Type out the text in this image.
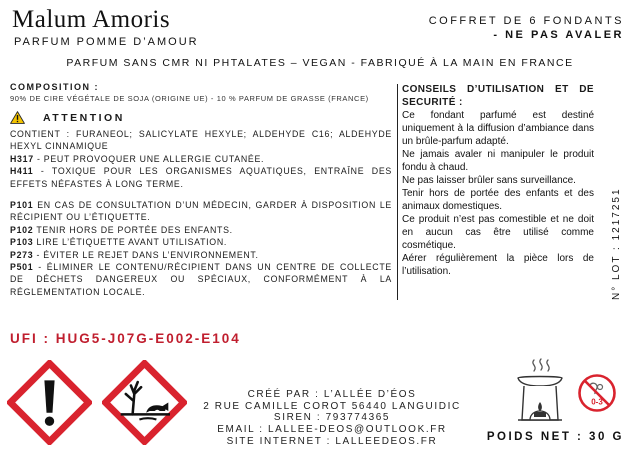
Malum Amoris
PARFUM POMME D’AMOUR
COFFRET DE 6 FONDANTS
- NE PAS AVALER
PARFUM SANS CMR NI PHTALATES – VEGAN - FABRIQUÉ À LA MAIN EN FRANCE
COMPOSITION :
90% DE CIRE VÉGÉTALE DE SOJA (ORIGINE UE) - 10 % PARFUM DE GRASSE (FRANCE)
ATTENTION
CONTIENT : FURANEOL; SALICYLATE HEXYLE; ALDEHYDE C16; ALDEHYDE HEXYL CINNAMIQUE
H317 - PEUT PROVOQUER UNE ALLERGIE CUTANÉE.
H411 - TOXIQUE POUR LES ORGANISMES AQUATIQUES, ENTRAÎNE DES EFFETS NÉFASTES À LONG TERME.
P101 EN CAS DE CONSULTATION D’UN MÉDECIN, GARDER À DISPOSITION LE RÉCIPIENT OU L’ÉTIQUETTE.
P102 TENIR HORS DE PORTÉE DES ENFANTS.
P103 LIRE L’ÉTIQUETTE AVANT UTILISATION.
P273 - ÉVITER LE REJET DANS L’ENVIRONNEMENT.
P501 - ÉLIMINER LE CONTENU/RÉCIPIENT DANS UN CENTRE DE COLLECTE DE DÉCHETS DANGEREUX OU SPÉCIAUX, CONFORMÉMENT À LA RÉGLEMENTATION LOCALE.
CONSEILS D’UTILISATION ET DE SECURITÉ :
Ce fondant parfumé est destiné uniquement à la diffusion d’ambiance dans un brûle-parfum adapté.
Ne jamais avaler ni manipuler le produit fondu à chaud.
Ne pas laisser brûler sans surveillance.
Tenir hors de portée des enfants et des animaux domestiques.
Ce produit n’est pas comestible et ne doit en aucun cas être utilisé comme cosmétique.
Aérer régulièrement la pièce lors de l’utilisation.	N° LOT : 1217251
UFI : HUG5-J07G-E002-E104
CRÉÉ PAR : L’ALLÉE D’ÉOS
2 RUE CAMILLE COROT 56440 LANGUIDIC
SIREN : 793774365
EMAIL : LALLEE-DEOS@OUTLOOK.FR
SITE INTERNET : LALLEEDEOS.FR
0-3
POIDS NET : 30 G
